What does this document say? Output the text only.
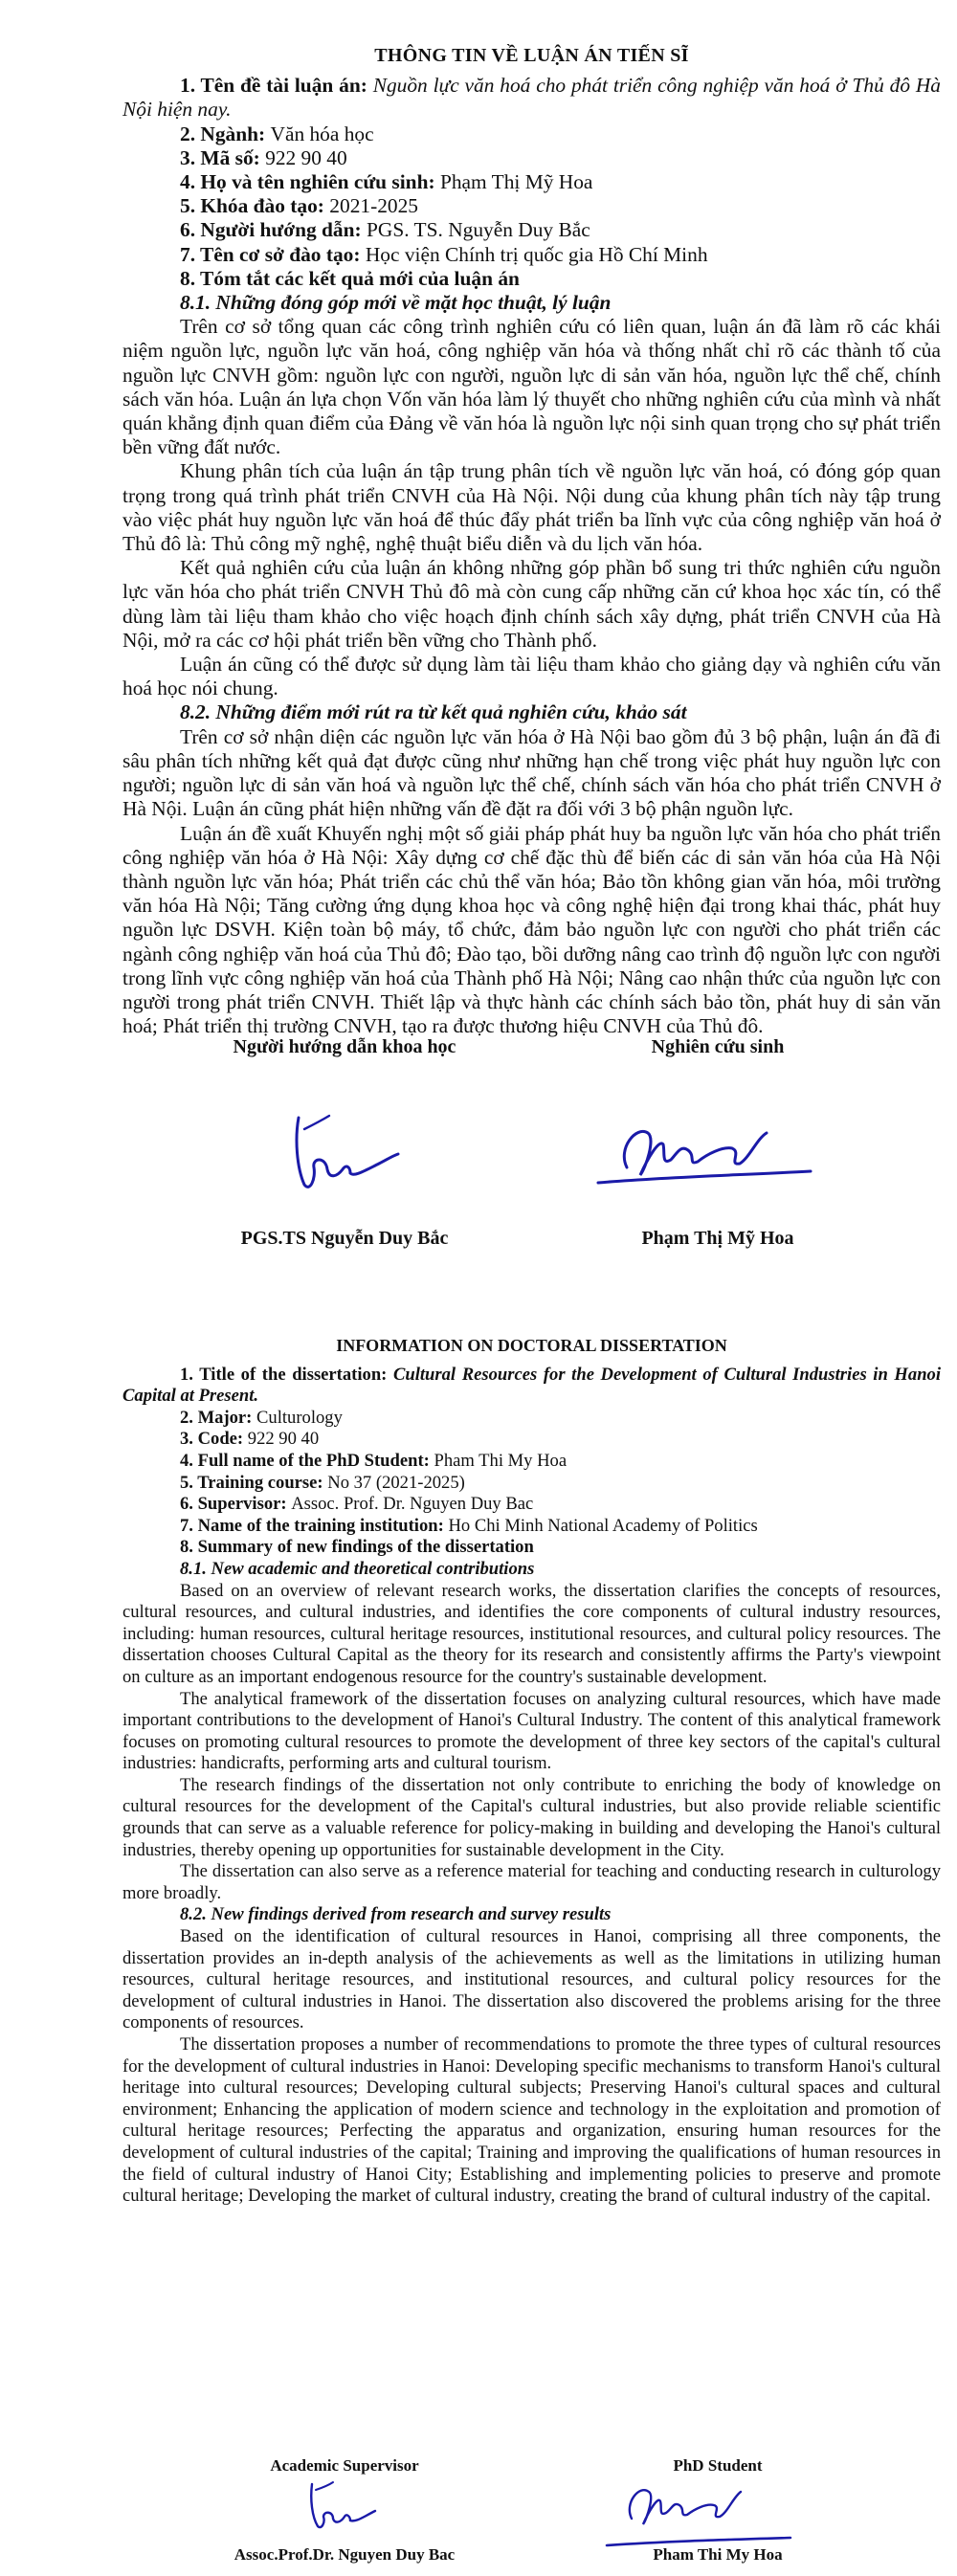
THÔNG TIN VỀ LUẬN ÁN TIẾN SĨ

1. Tên đề tài luận án: Nguồn lực văn hoá cho phát triển công nghiệp văn hoá ở Thủ đô Hà Nội hiện nay.

2. Ngành: Văn hóa học

3. Mã số: 922 90 40

4. Họ và tên nghiên cứu sinh: Phạm Thị Mỹ Hoa

5. Khóa đào tạo: 2021-2025

6. Người hướng dẫn: PGS. TS. Nguyễn Duy Bắc

7. Tên cơ sở đào tạo: Học viện Chính trị quốc gia Hồ Chí Minh

8. Tóm tắt các kết quả mới của luận án

8.1. Những đóng góp mới về mặt học thuật, lý luận

Trên cơ sở tổng quan các công trình nghiên cứu có liên quan, luận án đã làm rõ các khái niệm nguồn lực, nguồn lực văn hoá, công nghiệp văn hóa và thống nhất chỉ rõ các thành tố của nguồn lực CNVH gồm: nguồn lực con người, nguồn lực di sản văn hóa, nguồn lực thể chế, chính sách văn hóa. Luận án lựa chọn Vốn văn hóa làm lý thuyết cho những nghiên cứu của mình và nhất quán khẳng định quan điểm của Đảng về văn hóa là nguồn lực nội sinh quan trọng cho sự phát triển bền vững đất nước.

Khung phân tích của luận án tập trung phân tích về nguồn lực văn hoá, có đóng góp quan trọng trong quá trình phát triển CNVH của Hà Nội. Nội dung của khung phân tích này tập trung vào việc phát huy nguồn lực văn hoá để thúc đẩy phát triển ba lĩnh vực của công nghiệp văn hoá ở Thủ đô là: Thủ công mỹ nghệ, nghệ thuật biểu diễn và du lịch văn hóa.

Kết quả nghiên cứu của luận án không những góp phần bổ sung tri thức nghiên cứu nguồn lực văn hóa cho phát triển CNVH Thủ đô mà còn cung cấp những căn cứ khoa học xác tín, có thể dùng làm tài liệu tham khảo cho việc hoạch định chính sách xây dựng, phát triển CNVH của Hà Nội, mở ra các cơ hội phát triển bền vững cho Thành phố.

Luận án cũng có thể được sử dụng làm tài liệu tham khảo cho giảng dạy và nghiên cứu văn hoá học nói chung.

8.2. Những điểm mới rút ra từ kết quả nghiên cứu, khảo sát

Trên cơ sở nhận diện các nguồn lực văn hóa ở Hà Nội bao gồm đủ 3 bộ phận, luận án đã đi sâu phân tích những kết quả đạt được cũng như những hạn chế trong việc phát huy nguồn lực con người; nguồn lực di sản văn hoá và nguồn lực thể chế, chính sách văn hóa cho phát triển CNVH ở Hà Nội. Luận án cũng phát hiện những vấn đề đặt ra đối với 3 bộ phận nguồn lực.

Luận án đề xuất Khuyến nghị một số giải pháp phát huy ba nguồn lực văn hóa cho phát triển công nghiệp văn hóa ở Hà Nội: Xây dựng cơ chế đặc thù để biến các di sản văn hóa của Hà Nội thành nguồn lực văn hóa; Phát triển các chủ thể văn hóa; Bảo tồn không gian văn hóa, môi trường văn hóa Hà Nội; Tăng cường ứng dụng khoa học và công nghệ hiện đại trong khai thác, phát huy nguồn lực DSVH. Kiện toàn bộ máy, tổ chức, đảm bảo nguồn lực con người cho phát triển các ngành công nghiệp văn hoá của Thủ đô; Đào tạo, bồi dưỡng nâng cao trình độ nguồn lực con người trong lĩnh vực công nghiệp văn hoá của Thành phố Hà Nội; Nâng cao nhận thức của nguồn lực con người trong phát triển CNVH. Thiết lập và thực hành các chính sách bảo tồn, phát huy di sản văn hoá; Phát triển thị trường CNVH, tạo ra được thương hiệu CNVH của Thủ đô.

Người hướng dẫn khoa học	Nghiên cứu sinh
PGS.TS Nguyễn Duy Bắc	Phạm Thị Mỹ Hoa

INFORMATION ON DOCTORAL DISSERTATION

1. Title of the dissertation: Cultural Resources for the Development of Cultural Industries in Hanoi Capital at Present.

2. Major: Culturology

3. Code: 922 90 40

4. Full name of the PhD Student: Pham Thi My Hoa

5. Training course: No 37 (2021-2025)

6. Supervisor: Assoc. Prof. Dr. Nguyen Duy Bac

7. Name of the training institution: Ho Chi Minh National Academy of Politics

8. Summary of new findings of the dissertation

8.1. New academic and theoretical contributions

Based on an overview of relevant research works, the dissertation clarifies the concepts of resources, cultural resources, and cultural industries, and identifies the core components of cultural industry resources, including: human resources, cultural heritage resources, institutional resources, and cultural policy resources. The dissertation chooses Cultural Capital as the theory for its research and consistently affirms the Party's viewpoint on culture as an important endogenous resource for the country's sustainable development.

The analytical framework of the dissertation focuses on analyzing cultural resources, which have made important contributions to the development of Hanoi's Cultural Industry. The content of this analytical framework focuses on promoting cultural resources to promote the development of three key sectors of the capital's cultural industries: handicrafts, performing arts and cultural tourism.

The research findings of the dissertation not only contribute to enriching the body of knowledge on cultural resources for the development of the Capital's cultural industries, but also provide reliable scientific grounds that can serve as a valuable reference for policy-making in building and developing the Hanoi's cultural industries, thereby opening up opportunities for sustainable development in the City.

The dissertation can also serve as a reference material for teaching and conducting research in culturology more broadly.

8.2. New findings derived from research and survey results

Based on the identification of cultural resources in Hanoi, comprising all three components, the dissertation provides an in-depth analysis of the achievements as well as the limitations in utilizing human resources, cultural heritage resources, and institutional resources, and cultural policy resources for the development of cultural industries in Hanoi. The dissertation also discovered the problems arising for the three components of resources.

The dissertation proposes a number of recommendations to promote the three types of cultural resources for the development of cultural industries in Hanoi: Developing specific mechanisms to transform Hanoi's cultural heritage into cultural resources; Developing cultural subjects; Preserving Hanoi's cultural spaces and cultural environment; Enhancing the application of modern science and technology in the exploitation and promotion of cultural heritage resources; Perfecting the apparatus and organization, ensuring human resources for the development of cultural industries of the capital; Training and improving the qualifications of human resources in the field of cultural industry of Hanoi City; Establishing and implementing policies to preserve and promote cultural heritage; Developing the market of cultural industry, creating the brand of cultural industry of the capital.

Academic Supervisor	PhD Student
Assoc.Prof.Dr. Nguyen Duy Bac	Pham Thi My Hoa
